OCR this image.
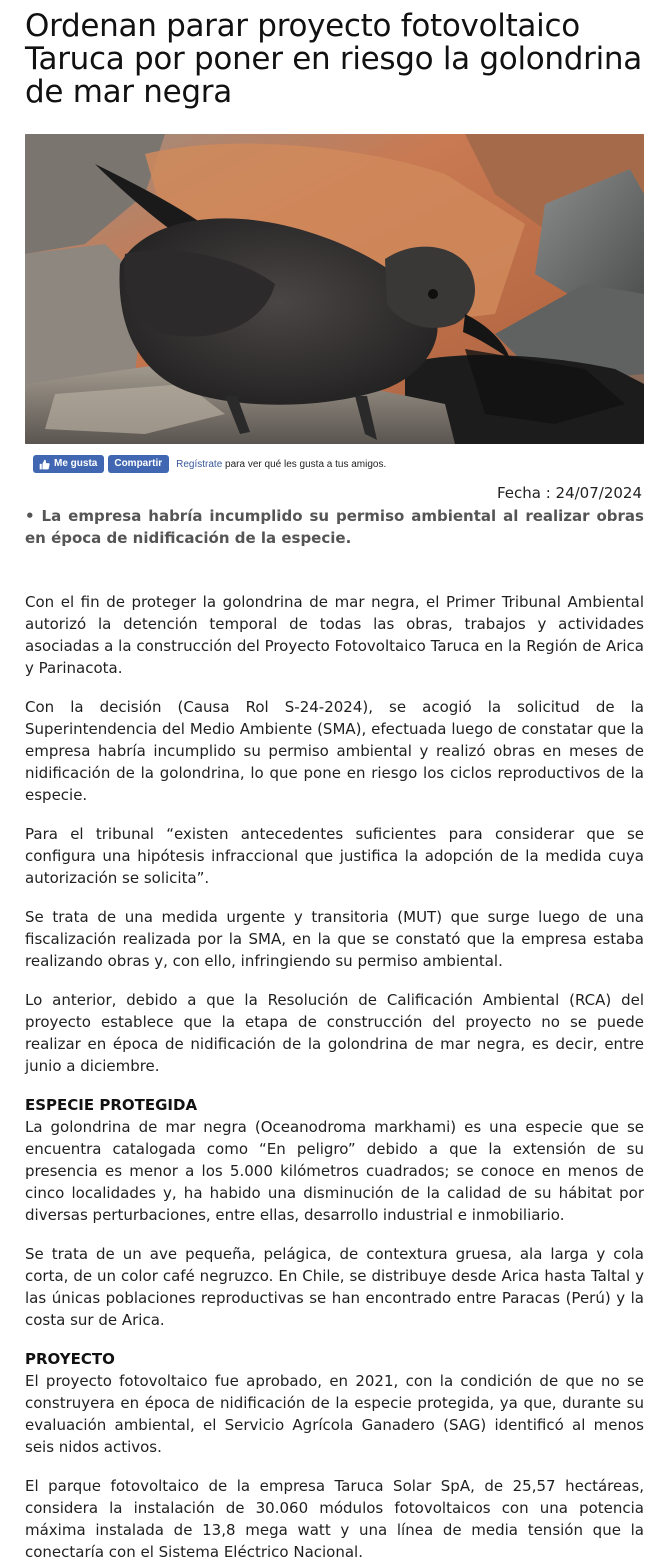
Ordenan parar proyecto fotovoltaico Taruca por poner en riesgo la golondrina de mar negra
Me gusta Compartir Regístrate para ver qué les gusta a tus amigos.
Fecha : 24/07/2024
• La empresa habría incumplido su permiso ambiental al realizar obras en época de nidificación de la especie.

Con el fin de proteger la golondrina de mar negra, el Primer Tribunal Ambiental autorizó la detención temporal de todas las obras, trabajos y actividades asociadas a la construcción del Proyecto Fotovoltaico Taruca en la Región de Arica y Parinacota.

Con la decisión (Causa Rol S-24-2024), se acogió la solicitud de la Superintendencia del Medio Ambiente (SMA), efectuada luego de constatar que la empresa habría incumplido su permiso ambiental y realizó obras en meses de nidificación de la golondrina, lo que pone en riesgo los ciclos reproductivos de la especie.

Para el tribunal “existen antecedentes suficientes para considerar que se configura una hipótesis infraccional que justifica la adopción de la medida cuya autorización se solicita”.

Se trata de una medida urgente y transitoria (MUT) que surge luego de una fiscalización realizada por la SMA, en la que se constató que la empresa estaba realizando obras y, con ello, infringiendo su permiso ambiental.

Lo anterior, debido a que la Resolución de Calificación Ambiental (RCA) del proyecto establece que la etapa de construcción del proyecto no se puede realizar en época de nidificación de la golondrina de mar negra, es decir, entre junio a diciembre.

ESPECIE PROTEGIDA

La golondrina de mar negra (Oceanodroma markhami) es una especie que se encuentra catalogada como “En peligro” debido a que la extensión de su presencia es menor a los 5.000 kilómetros cuadrados; se conoce en menos de cinco localidades y, ha habido una disminución de la calidad de su hábitat por diversas perturbaciones, entre ellas, desarrollo industrial e inmobiliario.

Se trata de un ave pequeña, pelágica, de contextura gruesa, ala larga y cola corta, de un color café negruzco. En Chile, se distribuye desde Arica hasta Taltal y las únicas poblaciones reproductivas se han encontrado entre Paracas (Perú) y la costa sur de Arica.

PROYECTO

El proyecto fotovoltaico fue aprobado, en 2021, con la condición de que no se construyera en época de nidificación de la especie protegida, ya que, durante su evaluación ambiental, el Servicio Agrícola Ganadero (SAG) identificó al menos seis nidos activos.

El parque fotovoltaico de la empresa Taruca Solar SpA, de 25,57 hectáreas, considera la instalación de 30.060 módulos fotovoltaicos con una potencia máxima instalada de 13,8 mega watt y una línea de media tensión que la conectaría con el Sistema Eléctrico Nacional.
